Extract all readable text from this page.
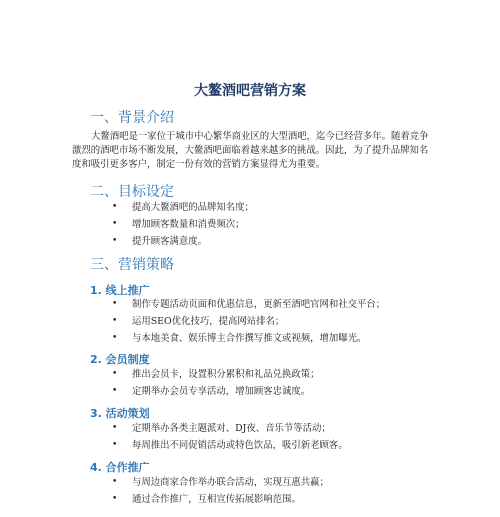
大鳌酒吧营销方案
一、背景介绍

大鳌酒吧是一家位于城市中心繁华商业区的大型酒吧，迄今已经营多年。随着竞争激烈的酒吧市场不断发展，大鳌酒吧面临着越来越多的挑战。因此，为了提升品牌知名度和吸引更多客户，制定一份有效的营销方案显得尤为重要。

二、目标设定
• 提高大鳌酒吧的品牌知名度；
• 增加顾客数量和消费频次；
• 提升顾客满意度。
三、营销策略
1. 线上推广
• 制作专题活动页面和优惠信息，更新至酒吧官网和社交平台；
• 运用SEO优化技巧，提高网站排名；
• 与本地美食、娱乐博主合作撰写推文或视频，增加曝光。
2. 会员制度
• 推出会员卡，设置积分累积和礼品兑换政策；
• 定期举办会员专享活动，增加顾客忠诚度。
3. 活动策划
• 定期举办各类主题派对、DJ夜、音乐节等活动；
• 每周推出不同促销活动或特色饮品，吸引新老顾客。
4. 合作推广
• 与周边商家合作举办联合活动，实现互惠共赢；
• 通过合作推广，互相宣传拓展影响范围。
